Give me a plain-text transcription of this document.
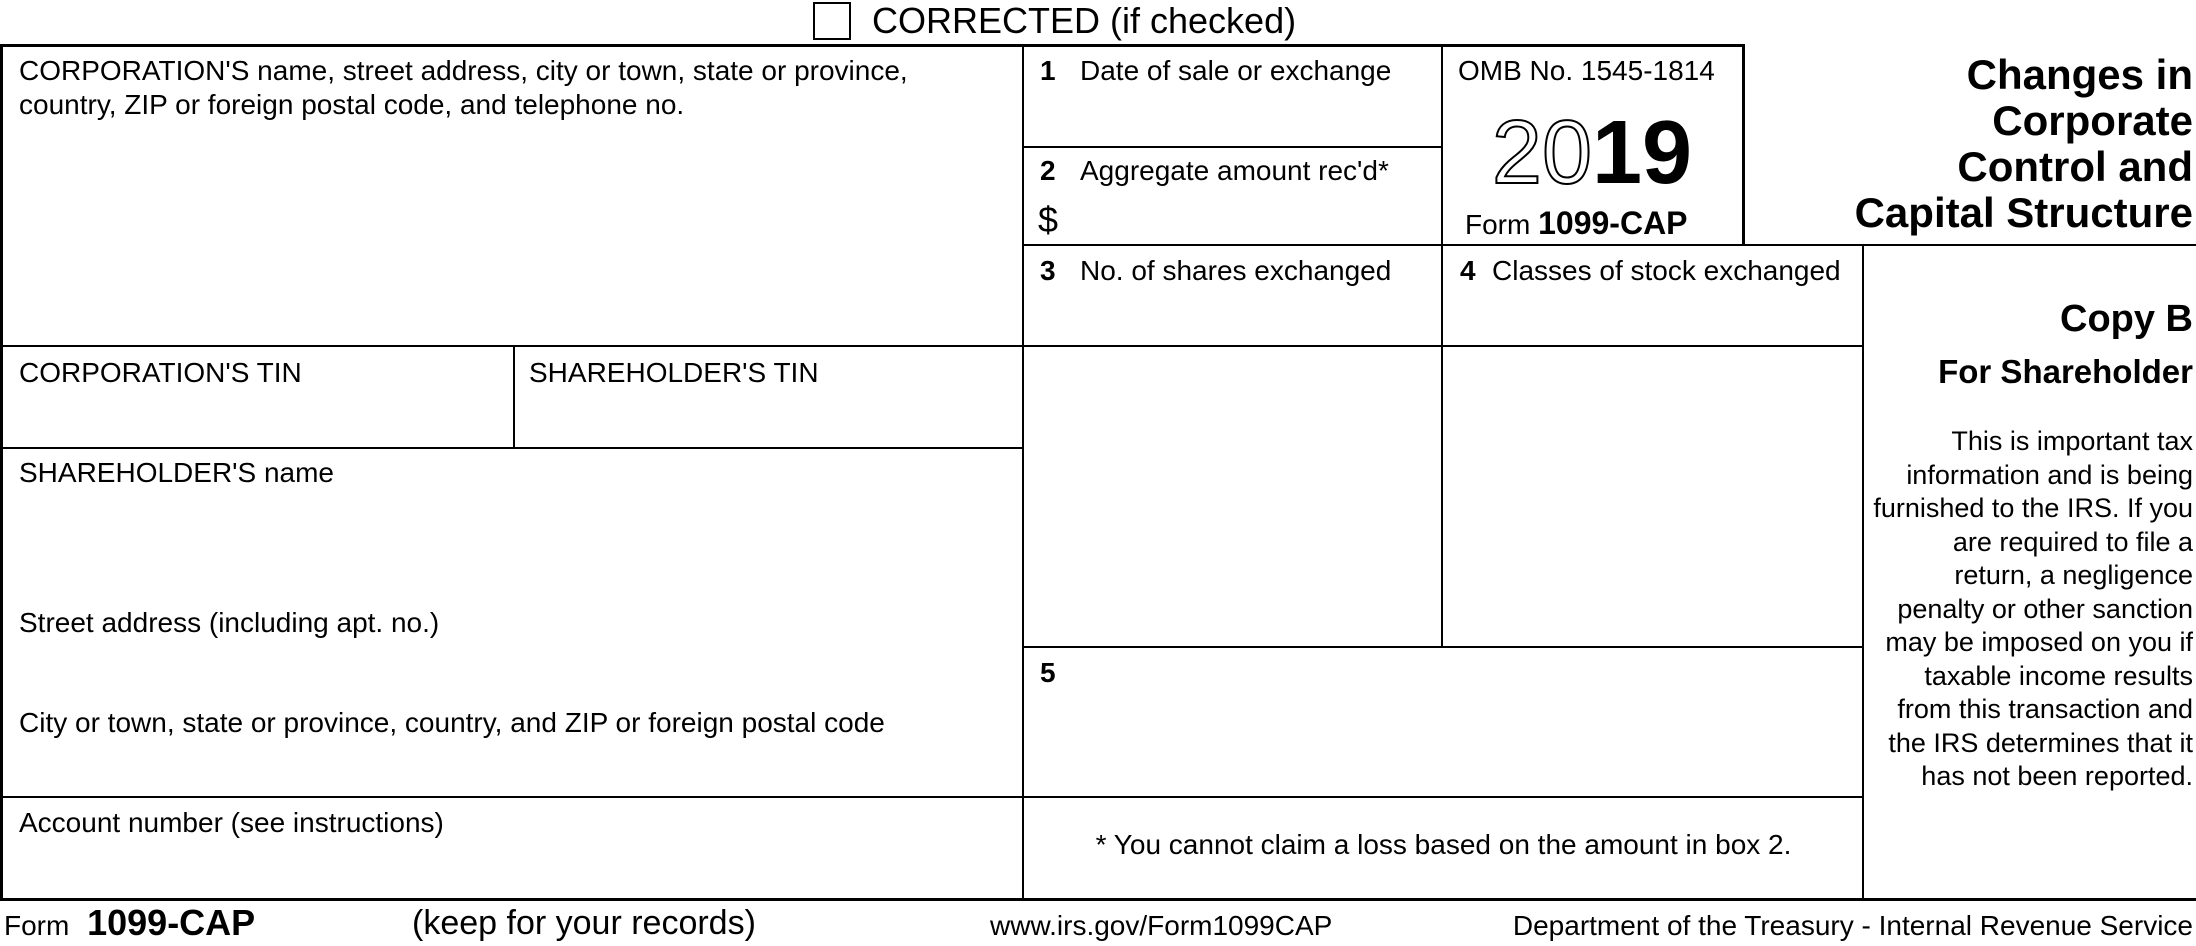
CORRECTED (if checked)
CORPORATION'S name, street address, city or town, state or province, country, ZIP or foreign postal code, and telephone no.
1 Date of sale or exchange
2 Aggregate amount rec'd*
$
OMB No. 1545-1814
2019
Form 1099-CAP
3 No. of shares exchanged 4 Classes of stock exchanged
CORPORATION'S TIN	SHAREHOLDER'S TIN
SHAREHOLDER'S name
Street address (including apt. no.)
City or town, state or province, country, and ZIP or foreign postal code
5
Account number (see instructions)
* You cannot claim a loss based on the amount in box 2.
Changes in
Corporate
Control and
Capital Structure
Copy B
For Shareholder
This is important tax information and is being furnished to the IRS. If you are required to file a return, a negligence penalty or other sanction may be imposed on you if taxable income results from this transaction and the IRS determines that it has not been reported.
Form 1099-CAP	(keep for your records)	www.irs.gov/Form1099CAP	Department of the Treasury - Internal Revenue Service
